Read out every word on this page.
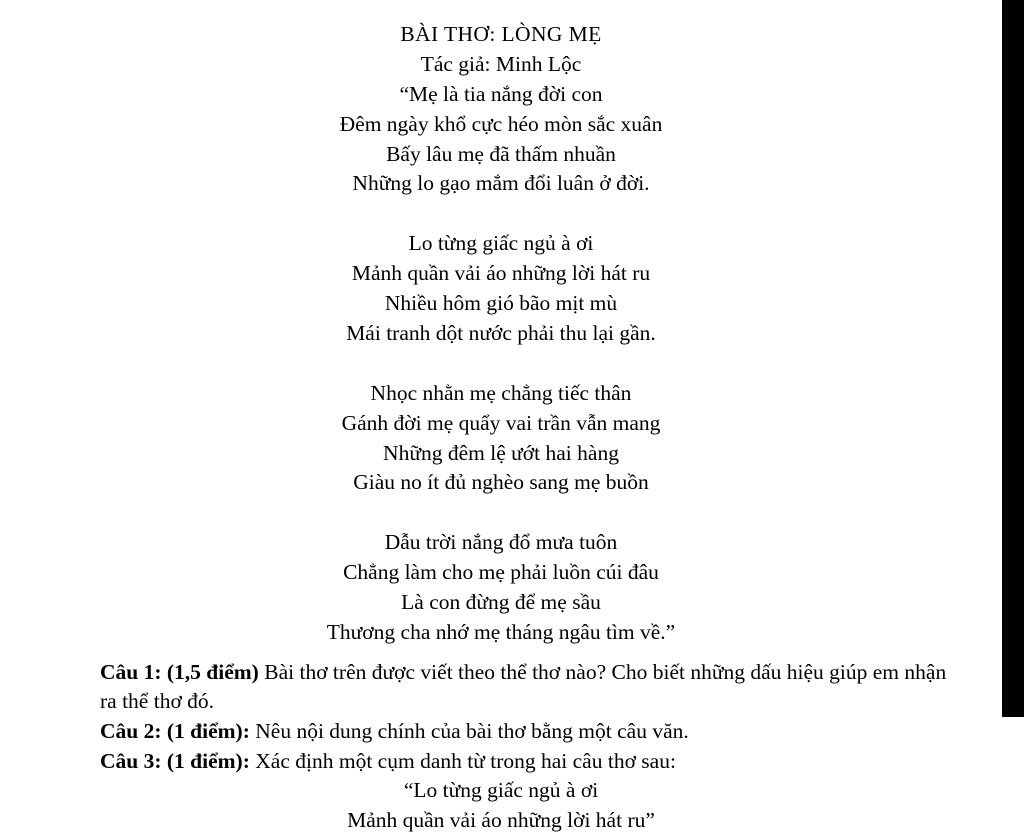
BÀI THƠ: LÒNG MẸ
Tác giả: Minh Lộc
“Mẹ là tia nắng đời con
Đêm ngày khổ cực héo mòn sắc xuân
Bấy lâu mẹ đã thấm nhuần
Những lo gạo mắm đổi luân ở đời.
Lo từng giấc ngủ à ơi
Mảnh quần vải áo những lời hát ru
Nhiều hôm gió bão mịt mù
Mái tranh dột nước phải thu lại gần.
Nhọc nhằn mẹ chẳng tiếc thân
Gánh đời mẹ quẩy vai trần vẫn mang
Những đêm lệ ướt hai hàng
Giàu no ít đủ nghèo sang mẹ buồn
Dẫu trời nắng đổ mưa tuôn
Chẳng làm cho mẹ phải luồn cúi đâu
Là con đừng để mẹ sầu
Thương cha nhớ mẹ tháng ngâu tìm về.”

Câu 1: (1,5 điểm) Bài thơ trên được viết theo thể thơ nào? Cho biết những dấu hiệu giúp em nhận ra thể thơ đó.

Câu 2: (1 điểm): Nêu nội dung chính của bài thơ bằng một câu văn.

Câu 3: (1 điểm): Xác định một cụm danh từ trong hai câu thơ sau:

“Lo từng giấc ngủ à ơi
Mảnh quần vải áo những lời hát ru”
